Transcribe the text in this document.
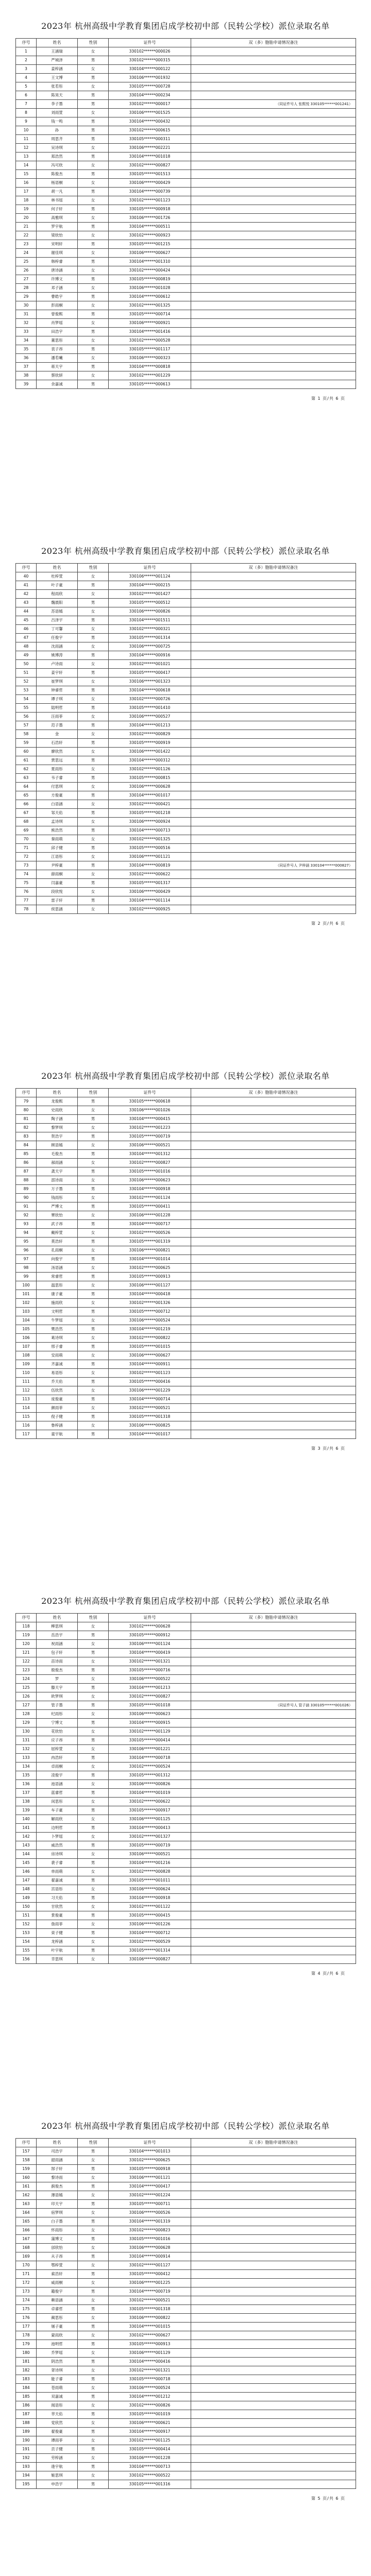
2023年 杭州高级中学教育集团启成学校初中部（民转公学校）派位录取名单
序号	姓名	性别	证件号	双（多）胞胎申请情况备注
1	王涵瑞	女	330102******000026	
2	严城泽	男	330102******000315	
3	姜梓涵	女	330104******000122	
4	王文博	男	330106******001932	
5	张若彤	女	330105******000728	
6	陈昊天	男	330104******000234	
7	李子墨	男	330102******000017	（同证件号人 张熙悦 330105******001241）
8	刘雨萱	女	330106******001525	
9	钱一鸣	男	330104******000432	
10	孙	男	330102******000615	
11	周思齐	男	330105******000311	
12	吴诗琪	女	330106******002221	
13	郑浩然	男	330104******001018	
14	冯可欣	女	330102******000827	
15	陈俊杰	男	330105******001513	
16	杨语桐	女	330106******000429	
17	胡一凡	男	330104******000739	
18	林书瑶	女	330102******001123	
19	何子轩	男	330105******000918	
20	高雅琪	女	330106******001726	
21	罗宇航	男	330104******000511	
22	梁欣怡	女	330102******000923	
23	宋明轩	男	330105******001215	
24	谢佳琪	女	330106******000627	
25	韩梓睿	男	330104******001310	
26	唐诗涵	女	330102******000424	
27	许博文	男	330105******000819	
28	邓子涵	女	330106******001028	
29	曹皓宇	男	330104******000612	
30	彭雨桐	女	330102******001325	
31	曾俊熙	男	330105******000714	
32	肖梦瑶	女	330106******000921	
33	田浩宇	男	330104******001416	
34	董思彤	女	330102******000528	
35	袁子昂	男	330105******001117	
36	潘若曦	女	330106******000323	
37	蒋天宇	男	330104******000818	
38	蔡欣妍	女	330102******001229	
39	余嘉诚	男	330105******000613	
第 1 页/共 6 页
2023年 杭州高级中学教育集团启成学校初中部（民转公学校）派位录取名单
序号	姓名	性别	证件号	双（多）胞胎申请情况备注
40	杜梓萱	女	330106******001124	
41	叶子豪	男	330104******000215	
42	程雨欣	女	330102******001427	
43	魏晨阳	男	330105******000512	
44	苏语嫣	女	330106******000826	
45	吕泽宇	男	330104******001511	
46	丁可馨	女	330102******000321	
47	任俊宇	男	330105******001314	
48	沈雨涵	女	330106******000725	
49	姚博涛	男	330104******000916	
50	卢诗雨	女	330102******001021	
51	姜宇轩	男	330105******000417	
52	崔梦琪	女	330106******001323	
53	钟睿哲	男	330104******000618	
54	谭子琪	女	330102******000726	
55	陆明哲	男	330105******001410	
56	汪雨菲	女	330106******000527	
57	范子墨	男	330104******001213	
58	金	女	330102******000829	
59	石浩轩	男	330105******000919	
60	廖欣然	女	330106******001422	
61	贾思远	男	330104******000312	
62	夏雨彤	女	330102******001126	
63	韦子睿	男	330105******000815	
64	付思琪	女	330106******000628	
65	方俊豪	男	330104******001017	
66	白语涵	女	330102******000421	
67	邹天佑	男	330105******001218	
68	孟诗琪	女	330106******000924	
69	熊浩然	男	330104******000713	
70	秦雨萌	女	330102******001325	
71	邱子健	男	330105******000516	
72	江语彤	女	330106******001121	
73	尹梓豪	男	330104******000819	（同证件号人 尹梓涵 330104******000827）
74	薛雨桐	女	330102******000622	
75	闫嘉豪	男	330105******001317	
76	段欣悦	女	330106******000429	
77	雷子轩	男	330104******001114	
78	侯思涵	女	330102******000925	
第 2 页/共 6 页
2023年 杭州高级中学教育集团启成学校初中部（民转公学校）派位录取名单
序号	姓名	性别	证件号	双（多）胞胎申请情况备注
79	龙俊熙	男	330105******000618	
80	史雨欣	女	330106******001026	
81	陶子涵	男	330104******000415	
82	黎梦琪	女	330102******001223	
83	贺浩宇	男	330105******000719	
84	顾语嫣	女	330106******000521	
85	毛俊杰	男	330104******001312	
86	郝雨涵	女	330102******000827	
87	龚天宇	男	330105******001016	
88	邵诗雨	女	330106******000623	
89	万子墨	男	330104******000918	
90	钱雨彤	女	330102******001124	
91	严博文	男	330105******000411	
92	覃欣怡	女	330106******001228	
93	武子昂	男	330104******000717	
94	戴梓萱	女	330102******000526	
95	莫浩轩	男	330105******001319	
96	孔雨桐	女	330106******000821	
97	向俊宇	男	330104******001014	
98	汤语涵	女	330102******000625	
99	常睿哲	男	330105******000913	
100	温思彤	女	330106******001127	
101	康子豪	男	330104******000418	
102	施雨欣	女	330102******001326	
103	文明哲	男	330105******000712	
104	牛梦瑶	女	330106******000524	
105	樊浩然	男	330104******001219	
106	葛诗琪	女	330102******000822	
107	邢子睿	男	330105******001015	
108	安雨萌	女	330106******000627	
109	齐嘉诚	男	330104******000911	
110	易语彤	女	330102******001123	
111	乔天佑	男	330105******000416	
112	伍欣然	女	330106******001229	
113	庞俊豪	男	330104******000714	
114	颜雨菲	女	330102******000521	
115	倪子健	男	330105******001318	
116	鲁梓涵	女	330106******000825	
117	童宇航	男	330104******001017	
第 3 页/共 6 页
2023年 杭州高级中学教育集团启成学校初中部（民转公学校）派位录取名单
序号	姓名	性别	证件号	双（多）胞胎申请情况备注
118	柳思琪	女	330102******000628	
119	岳浩宇	男	330105******000912	
120	祝雨涵	女	330106******001124	
121	包子轩	男	330104******000419	
122	苗诗雨	女	330102******001321	
123	殷俊杰	男	330105******000716	
124	罗	女	330106******000522	
125	滕天宇	男	330104******001213	
126	欧梦琪	女	330102******000827	
127	管子墨	男	330105******001018	（同证件号人 管子涵 330105******001026）
128	纪雨彤	女	330106******000623	
129	宁博文	男	330104******000915	
130	花欣怡	女	330102******001129	
131	应子昂	男	330105******000414	
132	屈梓萱	女	330106******001221	
133	冉浩轩	男	330104******000718	
134	卓雨桐	女	330102******000524	
135	凌俊宇	男	330105******001312	
136	池语涵	女	330106******000826	
137	蓝睿哲	男	330104******001019	
138	闵思彤	女	330102******000622	
139	车子豪	男	330105******000917	
140	解雨欣	女	330106******001125	
141	边明哲	男	330104******000413	
142	卜梦瑶	女	330102******001327	
143	戚浩然	男	330105******000719	
144	房诗琪	女	330106******000521	
145	裴子睿	男	330104******001216	
146	单雨萌	女	330102******000828	
147	翟嘉诚	男	330105******001011	
148	宫语彤	女	330106******000624	
149	习天佑	男	330104******000918	
150	甘欣然	女	330102******001122	
151	景俊豪	男	330105******000415	
152	詹雨菲	女	330106******001226	
153	束子健	男	330104******000712	
154	龙梓涵	女	330102******000529	
155	叶宇航	男	330105******001314	
156	幸思琪	女	330106******000827	
第 4 页/共 6 页
2023年 杭州高级中学教育集团启成学校初中部（民转公学校）派位录取名单
序号	姓名	性别	证件号	双（多）胞胎申请情况备注
157	司浩宇	男	330104******001013	
158	韶雨涵	女	330102******000625	
159	郜子轩	男	330105******000918	
160	黎诗雨	女	330106******001121	
161	蓟俊杰	男	330104******000417	
162	薄语嫣	女	330102******001224	
163	印天宇	男	330105******000711	
164	宿梦琪	女	330106******000526	
165	白子墨	男	330104******001319	
166	怀雨彤	女	330102******000823	
167	蒲博文	男	330105******001016	
168	邰欣怡	女	330106******000628	
169	从子昂	男	330104******000914	
170	鄂梓萱	女	330102******001127	
171	索浩轩	男	330105******000412	
172	咸雨桐	女	330106******001225	
173	籍俊宇	男	330104******000719	
174	赖语涵	女	330102******000521	
175	卓睿哲	男	330105******001318	
176	蔺思彤	女	330106******000822	
177	屠子豪	男	330104******001015	
178	蒙雨欣	女	330102******000627	
179	池明哲	男	330105******000913	
180	乔梦瑶	女	330106******001129	
181	阴浩然	男	330104******000416	
182	胥诗琪	女	330102******001321	
183	能子睿	男	330105******000718	
184	苍雨萌	女	330106******000524	
185	双嘉诚	男	330104******001212	
186	闻语彤	女	330102******000826	
187	莘天佑	男	330105******001019	
188	党欣然	女	330106******000621	
189	翟俊豪	男	330104******000917	
190	谭雨菲	女	330102******001125	
191	贡子健	男	330105******000414	
192	劳梓涵	女	330106******001228	
193	逄宇航	男	330104******000713	
194	姬思琪	女	330102******000522	
195	申浩宇	男	330105******001316	
第 5 页/共 6 页
